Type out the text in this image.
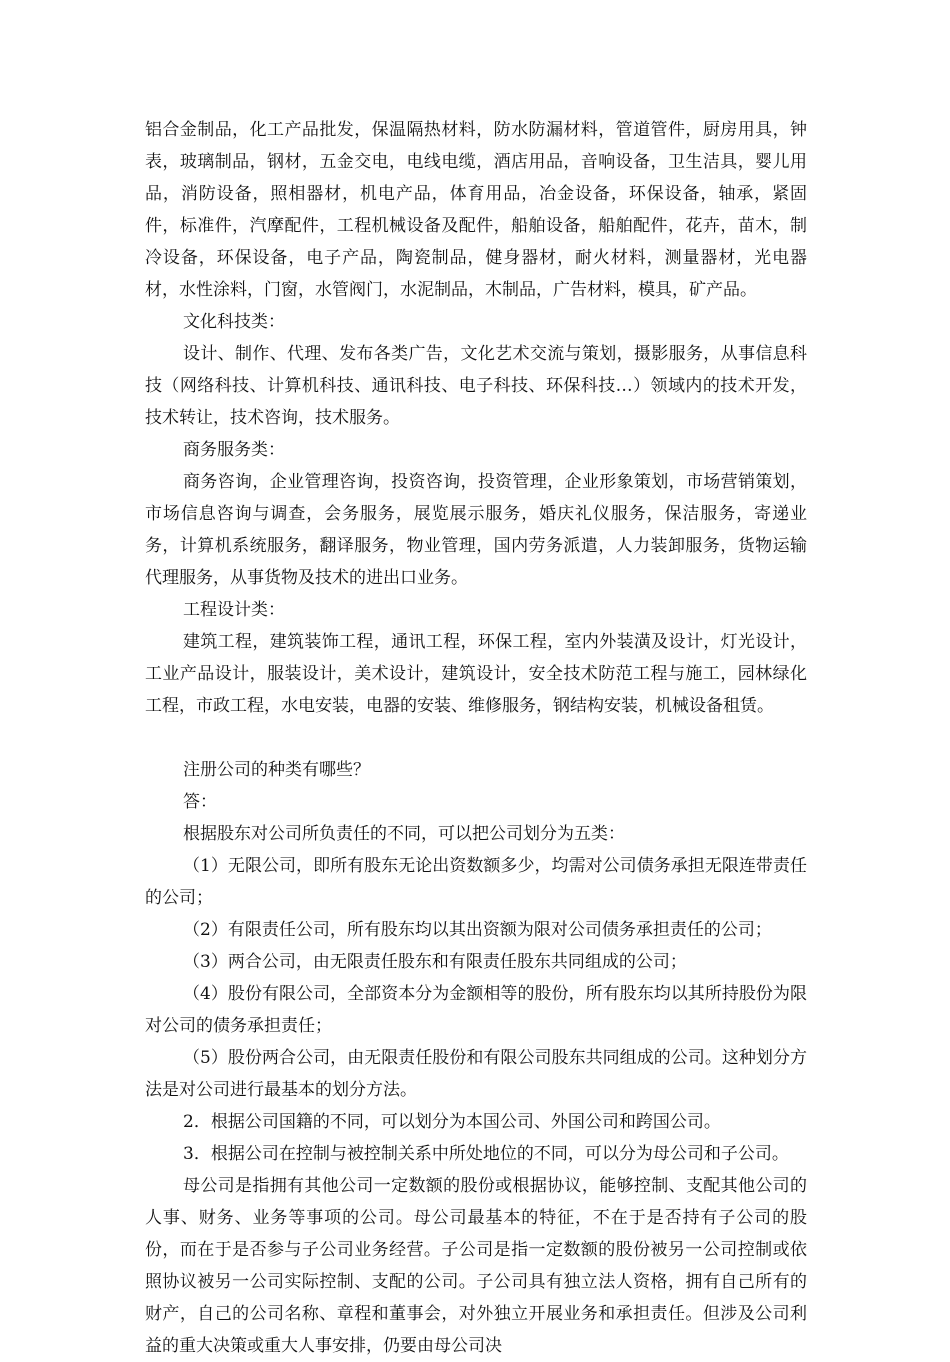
铝合金制品，化工产品批发，保温隔热材料，防水防漏材料，管道管件，厨房用具，钟表，玻璃制品，钢材，五金交电，电线电缆，酒店用品，音响设备，卫生洁具，婴儿用品，消防设备，照相器材，机电产品，体育用品，冶金设备，环保设备，轴承，紧固件，标准件，汽摩配件，工程机械设备及配件，船舶设备，船舶配件，花卉，苗木，制冷设备，环保设备，电子产品，陶瓷制品，健身器材，耐火材料，测量器材，光电器材，水性涂料，门窗，水管阀门，水泥制品，木制品，广告材料，模具，矿产品。

文化科技类：

设计、制作、代理、发布各类广告，文化艺术交流与策划，摄影服务，从事信息科技（网络科技、计算机科技、通讯科技、电子科技、环保科技…）领域内的技术开发，技术转让，技术咨询，技术服务。

商务服务类：

商务咨询，企业管理咨询，投资咨询，投资管理，企业形象策划，市场营销策划，市场信息咨询与调查，会务服务，展览展示服务，婚庆礼仪服务，保洁服务，寄递业务，计算机系统服务，翻译服务，物业管理，国内劳务派遣，人力装卸服务，货物运输代理服务，从事货物及技术的进出口业务。

工程设计类：

建筑工程，建筑装饰工程，通讯工程，环保工程，室内外装潢及设计，灯光设计，工业产品设计，服装设计，美术设计，建筑设计，安全技术防范工程与施工，园林绿化工程，市政工程，水电安装，电器的安装、维修服务，钢结构安装，机械设备租赁。

注册公司的种类有哪些？

答：

根据股东对公司所负责任的不同，可以把公司划分为五类：

（1）无限公司，即所有股东无论出资数额多少，均需对公司债务承担无限连带责任的公司；

（2）有限责任公司，所有股东均以其出资额为限对公司债务承担责任的公司；

（3）两合公司，由无限责任股东和有限责任股东共同组成的公司；

（4）股份有限公司，全部资本分为金额相等的股份，所有股东均以其所持股份为限对公司的债务承担责任；

（5）股份两合公司，由无限责任股份和有限公司股东共同组成的公司。这种划分方法是对公司进行最基本的划分方法。

2．根据公司国籍的不同，可以划分为本国公司、外国公司和跨国公司。

3．根据公司在控制与被控制关系中所处地位的不同，可以分为母公司和子公司。

母公司是指拥有其他公司一定数额的股份或根据协议，能够控制、支配其他公司的人事、财务、业务等事项的公司。母公司最基本的特征，不在于是否持有子公司的股份，而在于是否参与子公司业务经营。子公司是指一定数额的股份被另一公司控制或依照协议被另一公司实际控制、支配的公司。子公司具有独立法人资格，拥有自己所有的财产，自己的公司名称、章程和董事会，对外独立开展业务和承担责任。但涉及公司利益的重大决策或重大人事安排，仍要由母公司决
